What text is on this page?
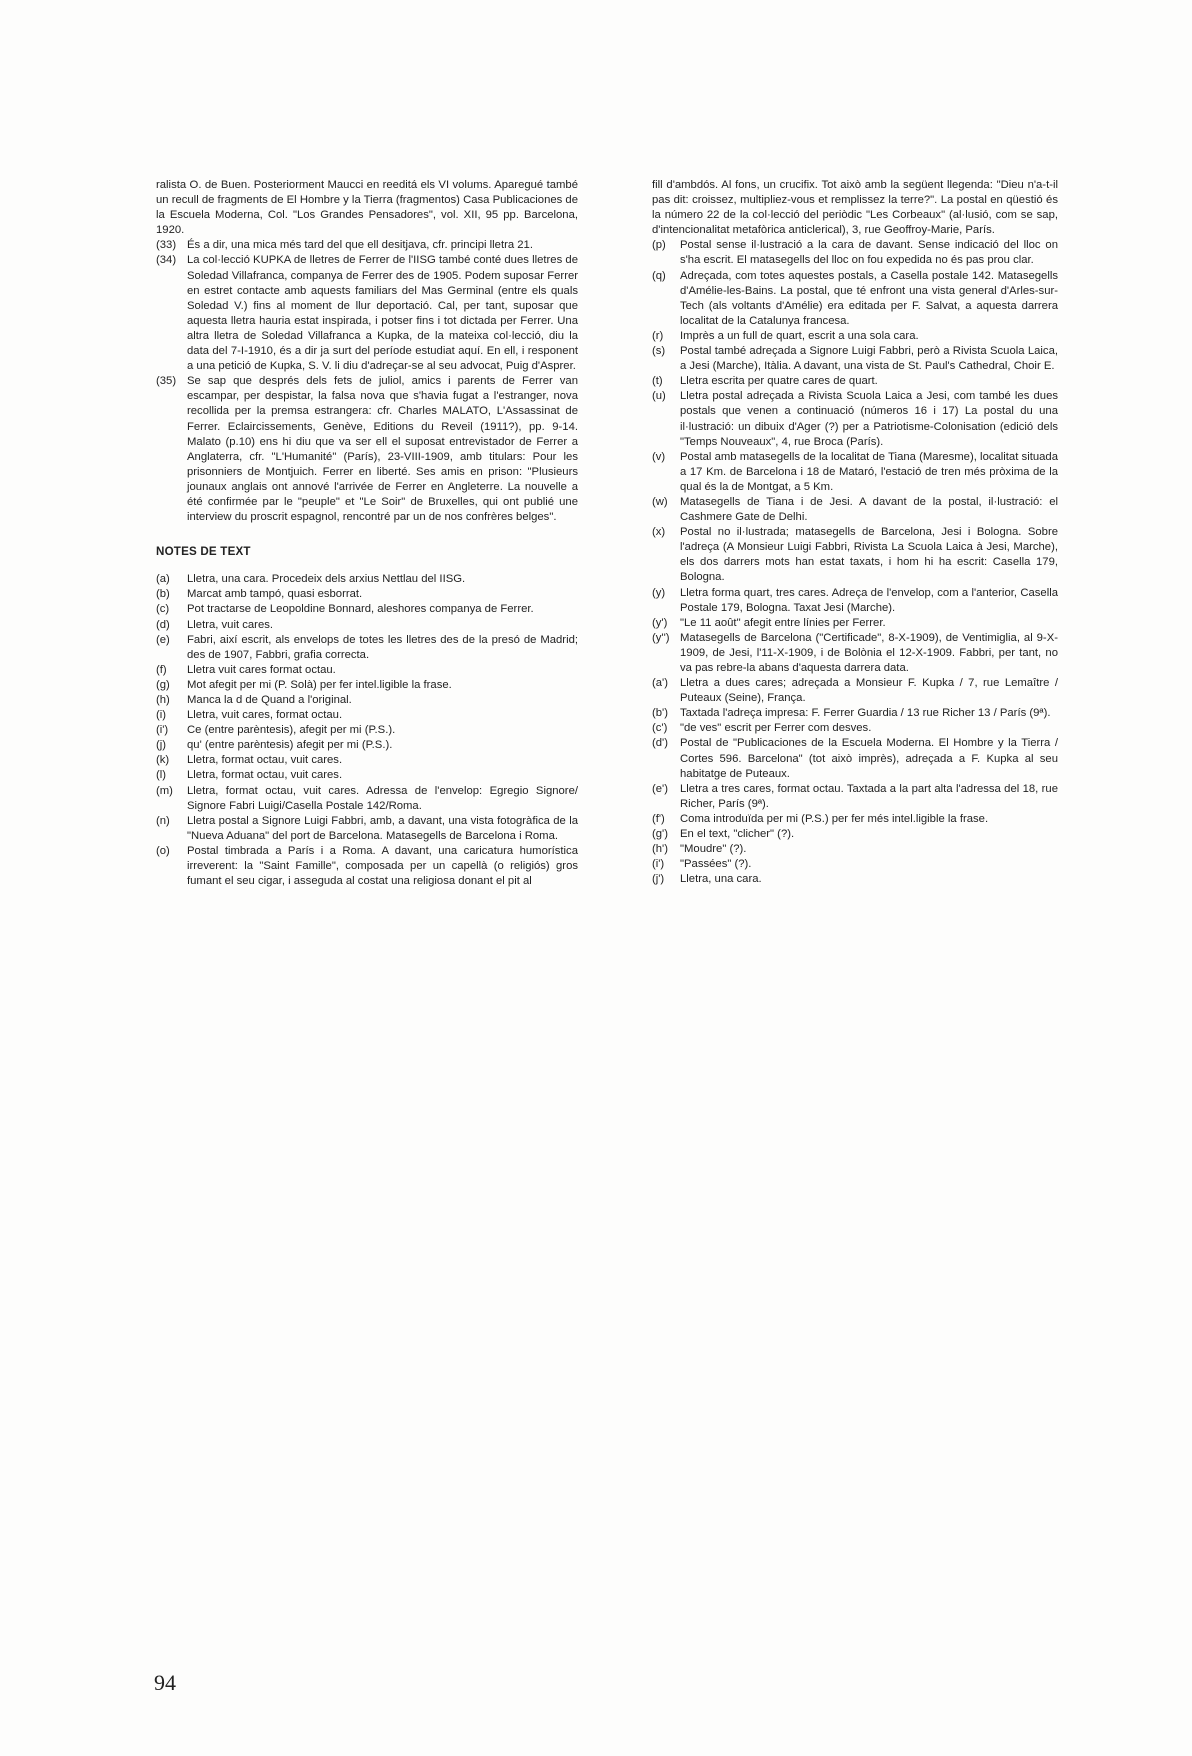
ralista O. de Buen. Posteriorment Maucci en reeditá els VI volums. Aparegué també un recull de fragments de El Hombre y la Tierra (fragmentos) Casa Publicaciones de la Escuela Moderna, Col. "Los Grandes Pensadores", vol. XII, 95 pp. Barcelona, 1920.

(33) És a dir, una mica més tard del que ell desitjava, cfr. principi lletra 21.
(34) La col·lecció KUPKA de lletres de Ferrer de l'IISG també conté dues lletres de Soledad Villafranca, companya de Ferrer des de 1905. Podem suposar Ferrer en estret contacte amb aquests familiars del Mas Germinal (entre els quals Soledad V.) fins al moment de llur deportació. Cal, per tant, suposar que aquesta lletra hauria estat inspirada, i potser fins i tot dictada per Ferrer. Una altra lletra de Soledad Villafranca a Kupka, de la mateixa col·lecció, diu la data del 7-I-1910, és a dir ja surt del període estudiat aquí. En ell, i responent a una petició de Kupka, S. V. li diu d'adreçar-se al seu advocat, Puig d'Asprer.
(35) Se sap que després dels fets de juliol, amics i parents de Ferrer van escampar, per despistar, la falsa nova que s'havia fugat a l'estranger, nova recollida per la premsa estrangera: cfr. Charles MALATO, L'Assassinat de Ferrer. Eclaircissements, Genève, Editions du Reveil (1911?), pp. 9-14. Malato (p.10) ens hi diu que va ser ell el suposat entrevistador de Ferrer a Anglaterra, cfr. "L'Humanité" (París), 23-VIII-1909, amb titulars: Pour les prisonniers de Montjuich. Ferrer en liberté. Ses amis en prison: "Plusieurs jounaux anglais ont annové l'arrivée de Ferrer en Angleterre. La nouvelle a été confirmée par le "peuple" et "Le Soir" de Bruxelles, qui ont publié une interview du proscrit espagnol, rencontré par un de nos confrères belges".
NOTES DE TEXT
(a)	Lletra, una cara. Procedeix dels arxius Nettlau del IISG.
(b)	Marcat amb tampó, quasi esborrat.
(c)	Pot tractarse de Leopoldine Bonnard, aleshores companya de Ferrer.
(d)	Lletra, vuit cares.
(e)	Fabri, així escrit, als envelops de totes les lletres des de la presó de Madrid; des de 1907, Fabbri, grafia correcta.
(f)	Lletra vuit cares format octau.
(g)	Mot afegit per mi (P. Solà) per fer intel.ligible la frase.
(h)	Manca la d de Quand a l'original.
(i)	Lletra, vuit cares, format octau.
(i')	Ce (entre parèntesis), afegit per mi (P.S.).
(j)	qu' (entre parèntesis) afegit per mi (P.S.).
(k)	Lletra, format octau, vuit cares.
(l)	Lletra, format octau, vuit cares.
(m)	Lletra, format octau, vuit cares. Adressa de l'envelop: Egregio Signore/ Signore Fabri Luigi/Casella Postale 142/Roma.
(n)	Lletra postal a Signore Luigi Fabbri, amb, a davant, una vista fotogràfica de la "Nueva Aduana" del port de Barcelona. Matasegells de Barcelona i Roma.
(o)	Postal timbrada a París i a Roma. A davant, una caricatura humorística irreverent: la "Saint Famille", composada per un capellà (o religiós) gros fumant el seu cigar, i asseguda al costat una religiosa donant el pit al

fill d'ambdós. Al fons, un crucifix. Tot això amb la següent llegenda: "Dieu n'a-t-il pas dit: croissez, multipliez-vous et remplissez la terre?". La postal en qüestió és la número 22 de la col·lecció del periòdic "Les Corbeaux" (al·lusió, com se sap, d'intencionalitat metafòrica anticlerical), 3, rue Geoffroy-Marie, París.

(p)	Postal sense il·lustració a la cara de davant. Sense indicació del lloc on s'ha escrit. El matasegells del lloc on fou expedida no és pas prou clar.
(q)	Adreçada, com totes aquestes postals, a Casella postale 142. Matasegells d'Amélie-les-Bains. La postal, que té enfront una vista general d'Arles-sur-Tech (als voltants d'Amélie) era editada per F. Salvat, a aquesta darrera localitat de la Catalunya francesa.
(r)	Imprès a un full de quart, escrit a una sola cara.
(s)	Postal també adreçada a Signore Luigi Fabbri, però a Rivista Scuola Laica, a Jesi (Marche), Itàlia. A davant, una vista de St. Paul's Cathedral, Choir E.
(t)	Lletra escrita per quatre cares de quart.
(u)	Lletra postal adreçada a Rivista Scuola Laica a Jesi, com també les dues postals que venen a continuació (números 16 i 17) La postal du una il·lustració: un dibuix d'Ager (?) per a Patriotisme-Colonisation (edició dels "Temps Nouveaux", 4, rue Broca (París).
(v)	Postal amb matasegells de la localitat de Tiana (Maresme), localitat situada a 17 Km. de Barcelona i 18 de Mataró, l'estació de tren més pròxima de la qual és la de Montgat, a 5 Km.
(w)	Matasegells de Tiana i de Jesi. A davant de la postal, il·lustració: el Cashmere Gate de Delhi.
(x)	Postal no il·lustrada; matasegells de Barcelona, Jesi i Bologna. Sobre l'adreça (A Monsieur Luigi Fabbri, Rivista La Scuola Laica à Jesi, Marche), els dos darrers mots han estat taxats, i hom hi ha escrit: Casella 179, Bologna.
(y)	Lletra forma quart, tres cares. Adreça de l'envelop, com a l'anterior, Casella Postale 179, Bologna. Taxat Jesi (Marche).
(y')	"Le 11 août" afegit entre línies per Ferrer.
(y'') Matasegells de Barcelona ("Certificade", 8-X-1909), de Ventimiglia, al 9-X-1909, de Jesi, l'11-X-1909, i de Bolònia el 12-X-1909. Fabbri, per tant, no va pas rebre-la abans d'aquesta darrera data.
(a')	Lletra a dues cares; adreçada a Monsieur F. Kupka / 7, rue Lemaître / Puteaux (Seine), França.
(b')	Taxtada l'adreça impresa: F. Ferrer Guardia / 13 rue Richer 13 / París (9ª).
(c')	"de ves" escrit per Ferrer com desves.
(d')	Postal de "Publicaciones de la Escuela Moderna. El Hombre y la Tierra / Cortes 596. Barcelona" (tot això imprès), adreçada a F. Kupka al seu habitatge de Puteaux.
(e')	Lletra a tres cares, format octau. Taxtada a la part alta l'adressa del 18, rue Richer, París (9ª).
(f')	Coma introduïda per mi (P.S.) per fer més intel.ligible la frase.
(g')	En el text, "clicher" (?).
(h')	"Moudre" (?).
(i')	"Passées" (?).
(j')	Lletra, una cara.
94
